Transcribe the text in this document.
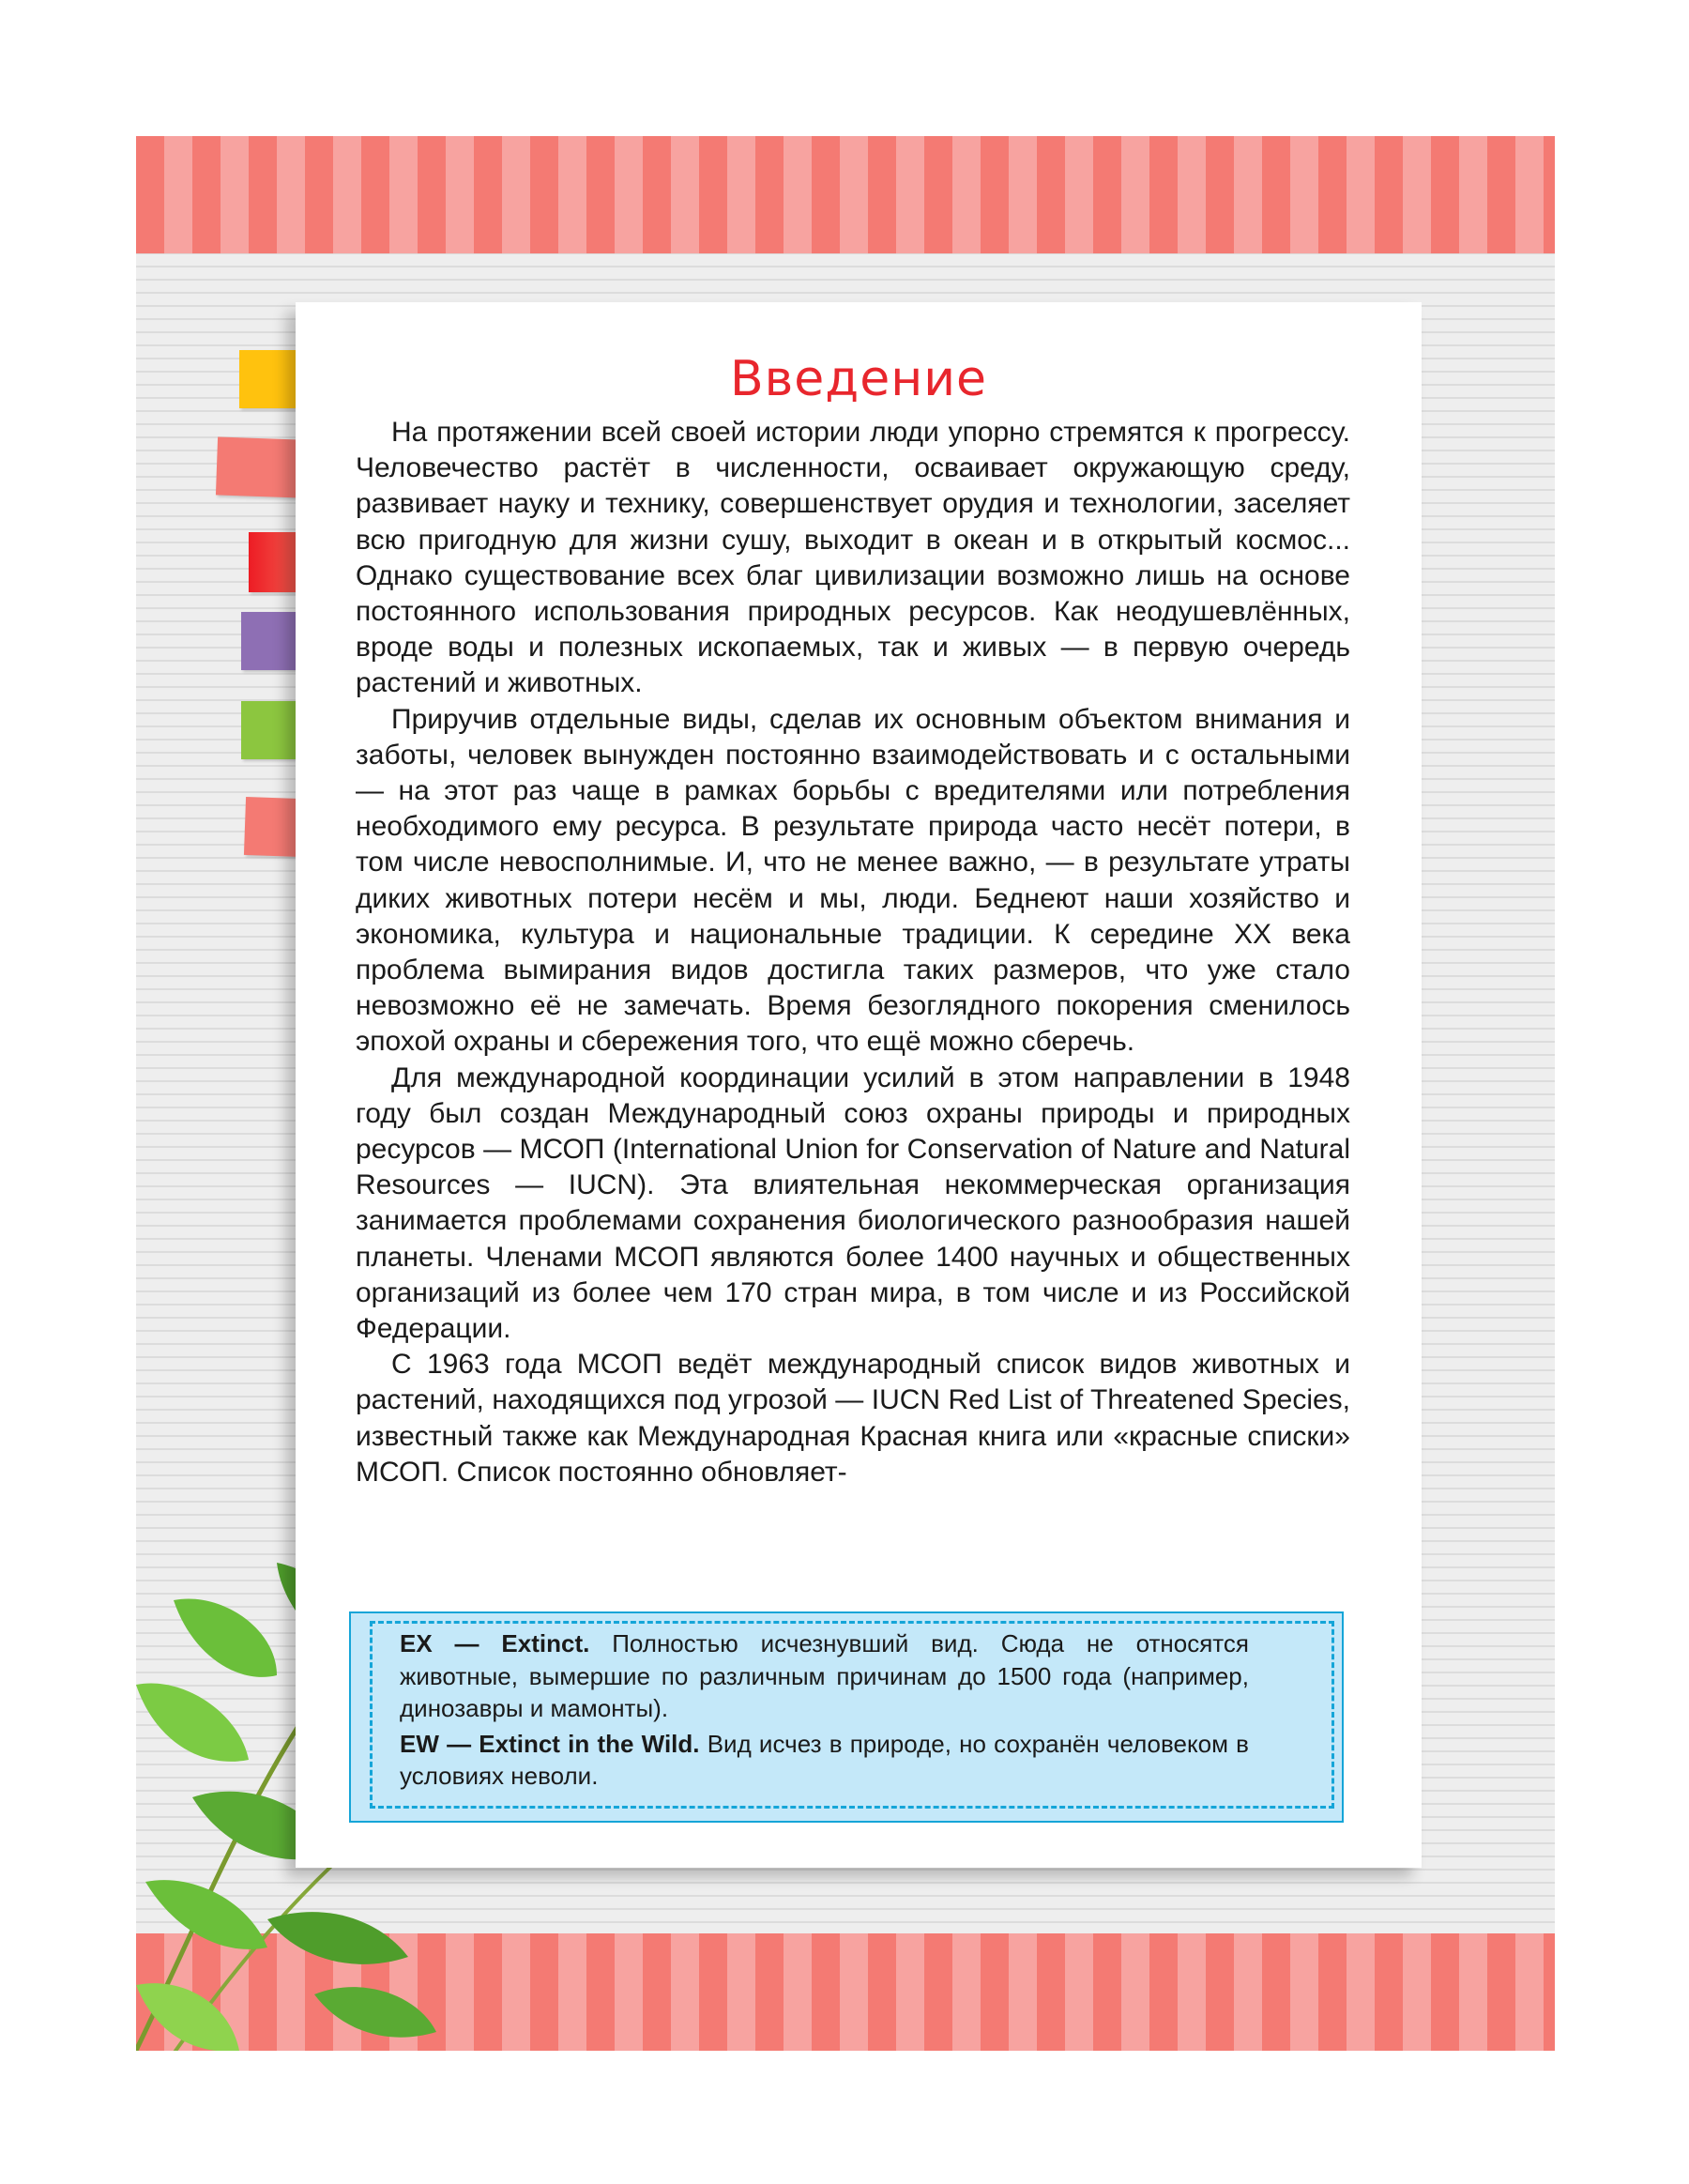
Введение

На протяжении всей своей истории люди упорно стремятся к прогрессу. Человечество растёт в численности, осваивает окружающую среду, развивает науку и технику, совершенствует орудия и технологии, заселяет всю пригодную для жизни сушу, выходит в океан и в открытый космос... Однако существование всех благ цивилизации возможно лишь на основе постоянного использования природных ресурсов. Как неодушевлённых, вроде воды и полезных ископаемых, так и живых — в первую очередь растений и животных.

Приручив отдельные виды, сделав их основным объектом внимания и заботы, человек вынужден постоянно взаимодействовать и с остальными — на этот раз чаще в рамках борьбы с вредителями или потребления необходимого ему ресурса. В результате природа часто несёт потери, в том числе невосполнимые. И, что не менее важно, — в результате утраты диких животных потери несём и мы, люди. Беднеют наши хозяйство и экономика, культура и национальные традиции. К середине XX века проблема вымирания видов достигла таких размеров, что уже стало невозможно её не замечать. Время безоглядного покорения сменилось эпохой охраны и сбережения того, что ещё можно сберечь.

Для международной координации усилий в этом направлении в 1948 году был создан Международный союз охраны природы и природных ресурсов — МСОП (International Union for Conservation of Nature and Natural Resources — IUCN). Эта влиятельная некоммерческая организация занимается проблемами сохранения биологического разнообразия нашей планеты. Членами МСОП являются более 1400 научных и общественных организаций из более чем 170 стран мира, в том числе и из Российской Федерации.

С 1963 года МСОП ведёт международный список видов животных и растений, находящихся под угрозой — IUCN Red List of Threatened Species, известный также как Международная Красная книга или «красные списки» МСОП. Список постоянно обновляет-

EX — Extinct. Полностью исчезнувший вид. Сюда не относятся животные, вымершие по различным причинам до 1500 года (например, динозавры и мамонты).

EW — Extinct in the Wild. Вид исчез в природе, но сохранён человеком в условиях неволи.
